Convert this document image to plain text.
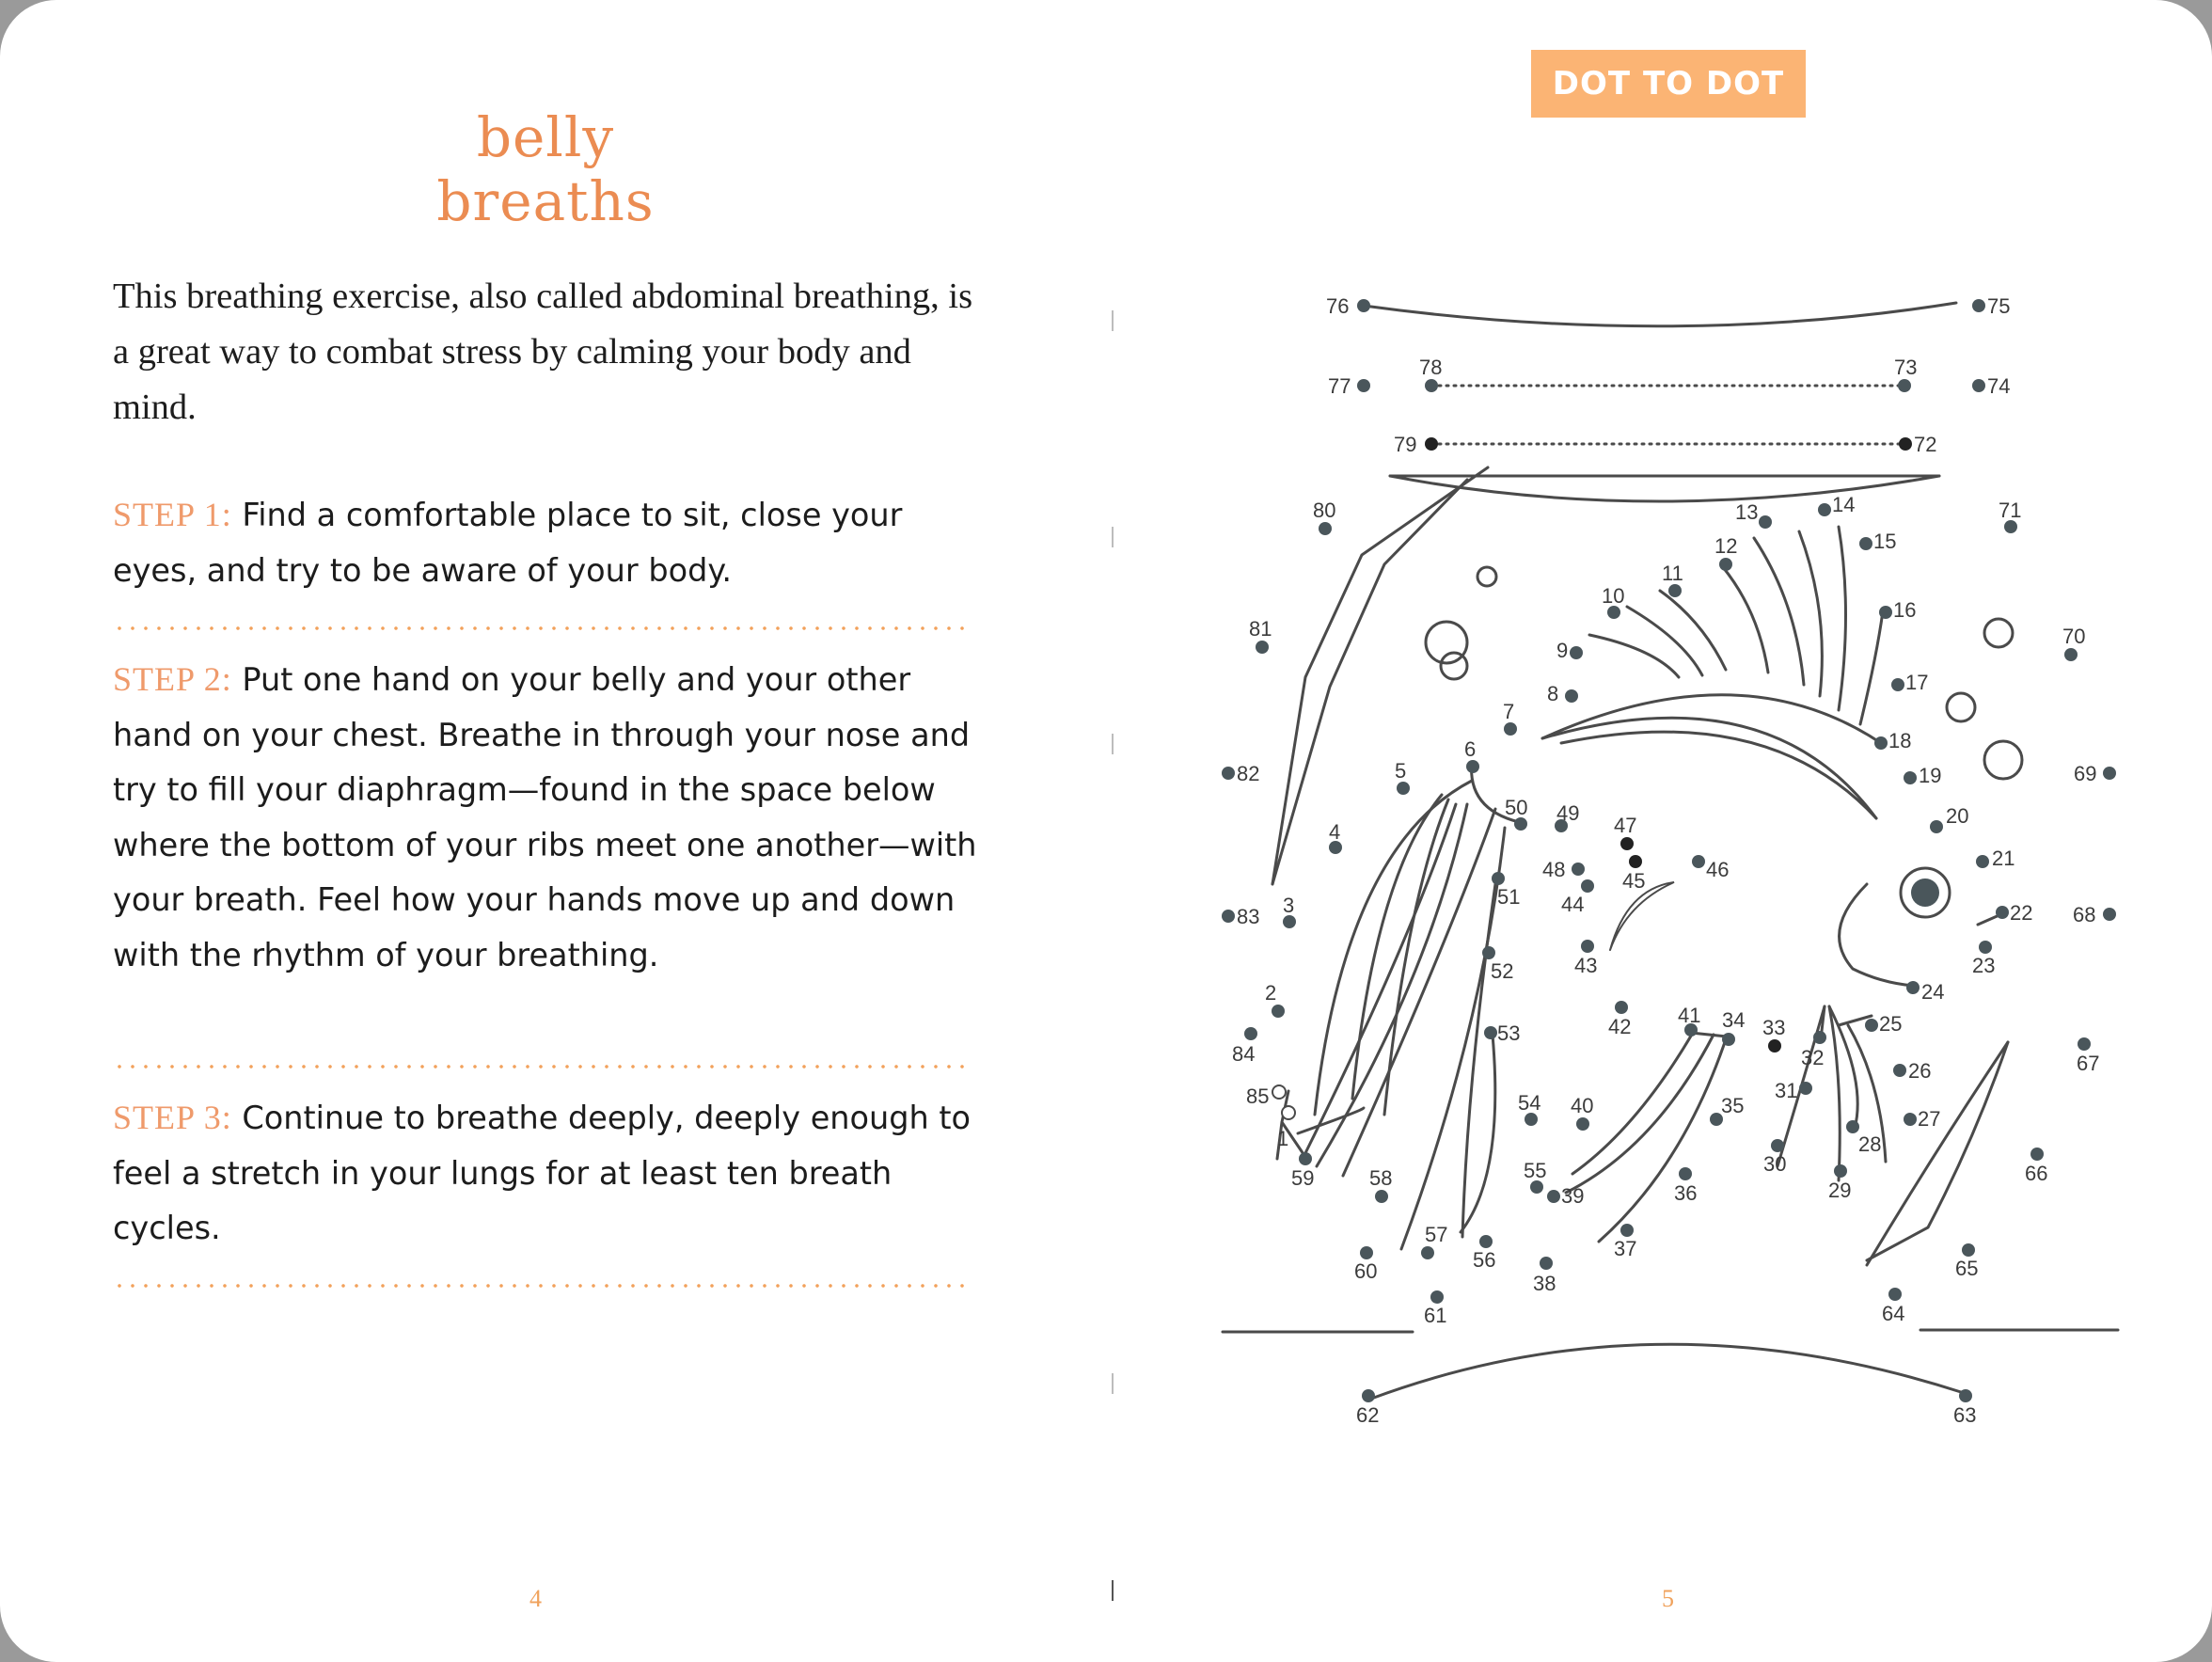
belly breaths
This breathing exercise, also called abdominal breathing, is a great way to combat stress by calming your body and mind.
STEP 1: Find a comfortable place to sit, close your eyes, and try to be aware of your body.
STEP 2: Put one hand on your belly and your other hand on your chest. Breathe in through your nose and try to fill your diaphragm—found in the space below where the bottom of your ribs meet one another—with your breath. Feel how your hands move up and down with the rhythm of your breathing.
STEP 3: Continue to breathe deeply, deeply enough to feel a stretch in your lungs for at least ten breath cycles.
4
DOT TO DOT
5
1
2
3
4
5
6
7
8
9
10
11
12
13	14
15
16
17
18
19
20
21
22
23
24
25
26
27
28
29
30
31
32
33
34
35
36
37
38
39
40
41
42
43
44
45	46
47
48
49
50
51
52
53
54
55
56
57
58
59
60
61
62	63
64
65
66
67
68
69
70
71
72
73
74
75
76
77
78
79
80
81
82
83
84
85
